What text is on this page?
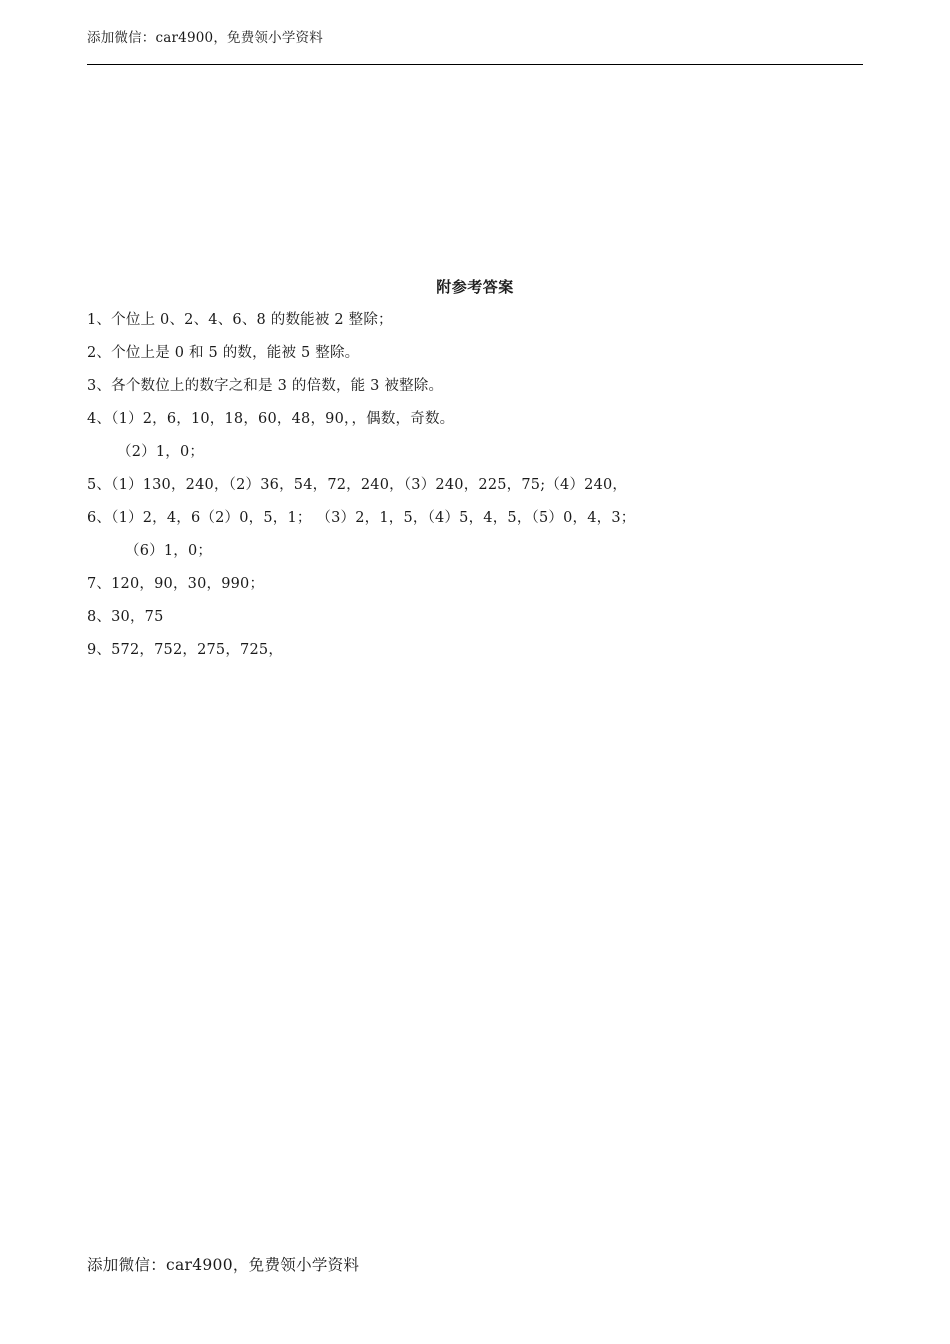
添加微信：car4900，免费领小学资料
附参考答案
1、个位上 0、2、4、6、8 的数能被 2 整除；
2、个位上是 0 和 5 的数，能被 5 整除。
3、各个数位上的数字之和是 3 的倍数，能 3 被整除。
4、（1）2，6，10，18，60，48，90，，偶数，奇数。
（2）1，0；
5、（1）130，240，（2）36，54，72，240，（3）240，225，75;（4）240，
6、（1）2，4，6（2）0，5，1； （3）2，1，5，（4）5，4，5，（5）0，4，3；
（6）1，0；
7、120，90，30，990；
8、30，75
9、572，752，275，725，
添加微信：car4900，免费领小学资料
